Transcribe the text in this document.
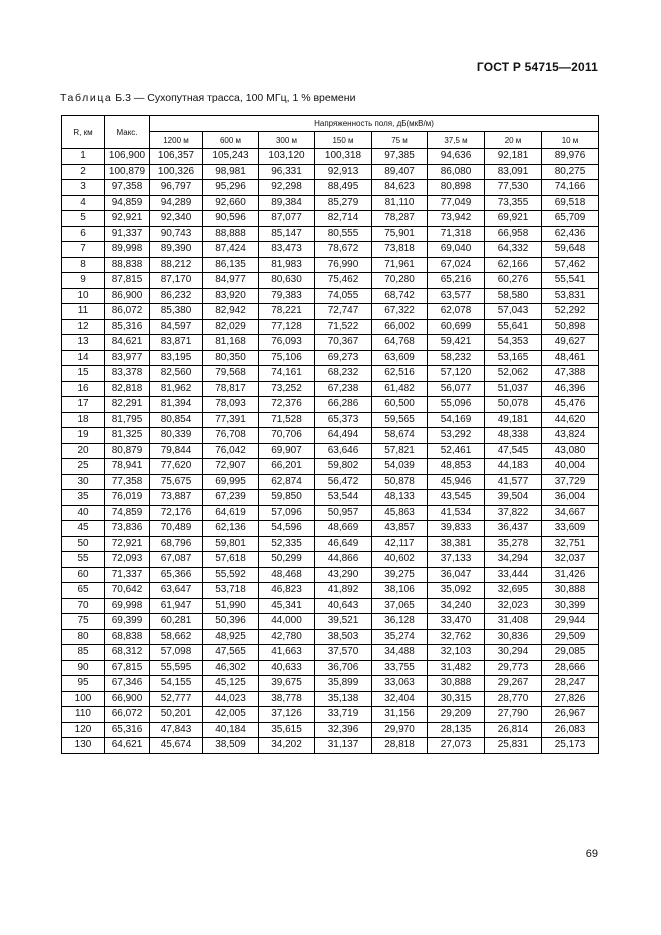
ГОСТ Р 54715—2011
Таблица Б.3 — Сухопутная трасса, 100 МГц, 1 % времени
R, км	Макс.	Напряженность поля, дБ(мкВ/м)							
		1200 м	600 м	300 м	150 м	75 м	37,5 м	20 м	10 м
1	106,900	106,357	105,243	103,120	100,318	97,385	94,636	92,181	89,976
2	100,879	100,326	98,981	96,331	92,913	89,407	86,080	83,091	80,275
3	97,358	96,797	95,296	92,298	88,495	84,623	80,898	77,530	74,166
4	94,859	94,289	92,660	89,384	85,279	81,110	77,049	73,355	69,518
5	92,921	92,340	90,596	87,077	82,714	78,287	73,942	69,921	65,709
6	91,337	90,743	88,888	85,147	80,555	75,901	71,318	66,958	62,436
7	89,998	89,390	87,424	83,473	78,672	73,818	69,040	64,332	59,648
8	88,838	88,212	86,135	81,983	76,990	71,961	67,024	62,166	57,462
9	87,815	87,170	84,977	80,630	75,462	70,280	65,216	60,276	55,541
10	86,900	86,232	83,920	79,383	74,055	68,742	63,577	58,580	53,831
11	86,072	85,380	82,942	78,221	72,747	67,322	62,078	57,043	52,292
12	85,316	84,597	82,029	77,128	71,522	66,002	60,699	55,641	50,898
13	84,621	83,871	81,168	76,093	70,367	64,768	59,421	54,353	49,627
14	83,977	83,195	80,350	75,106	69,273	63,609	58,232	53,165	48,461
15	83,378	82,560	79,568	74,161	68,232	62,516	57,120	52,062	47,388
16	82,818	81,962	78,817	73,252	67,238	61,482	56,077	51,037	46,396
17	82,291	81,394	78,093	72,376	66,286	60,500	55,096	50,078	45,476
18	81,795	80,854	77,391	71,528	65,373	59,565	54,169	49,181	44,620
19	81,325	80,339	76,708	70,706	64,494	58,674	53,292	48,338	43,824
20	80,879	79,844	76,042	69,907	63,646	57,821	52,461	47,545	43,080
25	78,941	77,620	72,907	66,201	59,802	54,039	48,853	44,183	40,004
30	77,358	75,675	69,995	62,874	56,472	50,878	45,946	41,577	37,729
35	76,019	73,887	67,239	59,850	53,544	48,133	43,545	39,504	36,004
40	74,859	72,176	64,619	57,096	50,957	45,863	41,534	37,822	34,667
45	73,836	70,489	62,136	54,596	48,669	43,857	39,833	36,437	33,609
50	72,921	68,796	59,801	52,335	46,649	42,117	38,381	35,278	32,751
55	72,093	67,087	57,618	50,299	44,866	40,602	37,133	34,294	32,037
60	71,337	65,366	55,592	48,468	43,290	39,275	36,047	33,444	31,426
65	70,642	63,647	53,718	46,823	41,892	38,106	35,092	32,695	30,888
70	69,998	61,947	51,990	45,341	40,643	37,065	34,240	32,023	30,399
75	69,399	60,281	50,396	44,000	39,521	36,128	33,470	31,408	29,944
80	68,838	58,662	48,925	42,780	38,503	35,274	32,762	30,836	29,509
85	68,312	57,098	47,565	41,663	37,570	34,488	32,103	30,294	29,085
90	67,815	55,595	46,302	40,633	36,706	33,755	31,482	29,773	28,666
95	67,346	54,155	45,125	39,675	35,899	33,063	30,888	29,267	28,247
100	66,900	52,777	44,023	38,778	35,138	32,404	30,315	28,770	27,826
110	66,072	50,201	42,005	37,126	33,719	31,156	29,209	27,790	26,967
120	65,316	47,843	40,184	35,615	32,396	29,970	28,135	26,814	26,083
130	64,621	45,674	38,509	34,202	31,137	28,818	27,073	25,831	25,173
69
